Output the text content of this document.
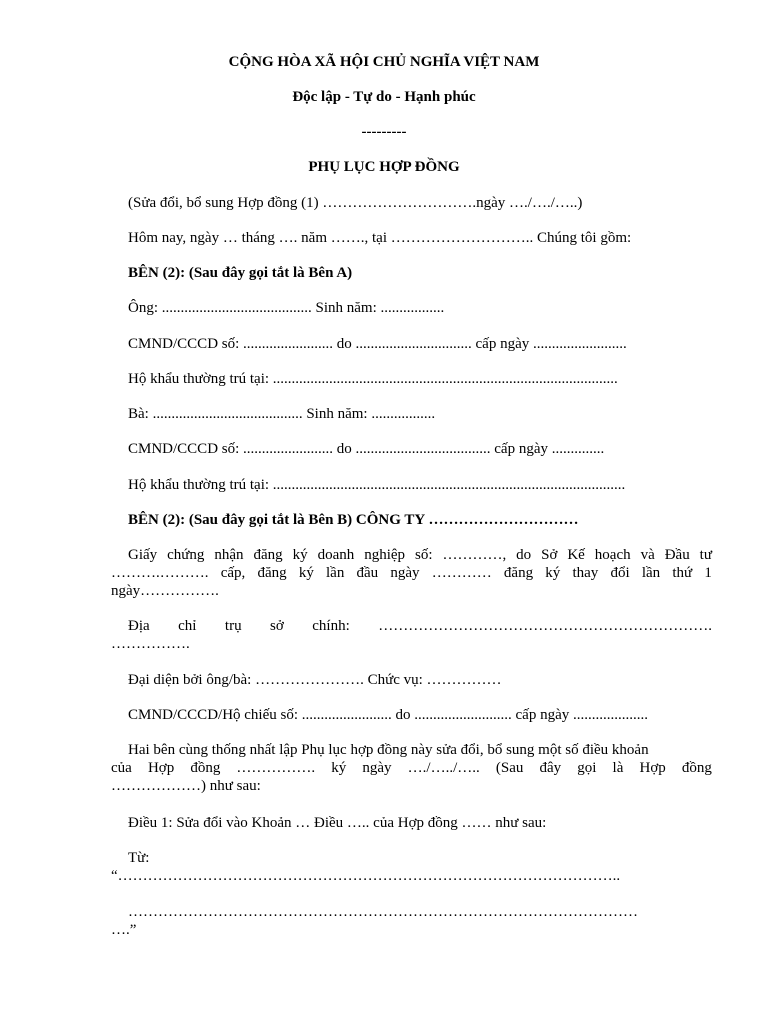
CỘNG HÒA XÃ HỘI CHỦ NGHĨA VIỆT NAM
Độc lập - Tự do - Hạnh phúc
---------
PHỤ LỤC HỢP ĐỒNG
(Sửa đổi, bổ sung Hợp đồng (1) ………………………….ngày …./…./…..)
Hôm nay, ngày … tháng …. năm ……., tại ……………………….. Chúng tôi gồm:
BÊN (2): (Sau đây gọi tắt là Bên A)
Ông: ........................................ Sinh năm: .................
CMND/CCCD số: ........................ do ............................... cấp ngày .........................
Hộ khẩu thường trú tại: ............................................................................................
Bà: ........................................ Sinh năm: .................
CMND/CCCD số: ........................ do .................................... cấp ngày ..............
Hộ khẩu thường trú tại: ..............................................................................................
BÊN (2): (Sau đây gọi tắt là Bên B) CÔNG TY …………………………
Giấy chứng nhận đăng ký doanh nghiệp số: …………, do Sở Kế hoạch và Đầu tư
……….………. cấp, đăng ký lần đầu ngày ………… đăng ký thay đổi lần thứ 1
ngày…………….
Địa chỉ trụ sở chính: ………………………………………………………….
…………….
Đại diện bởi ông/bà: …………………. Chức vụ: ……………
CMND/CCCD/Hộ chiếu số: ........................ do .......................... cấp ngày ....................
Hai bên cùng thống nhất lập Phụ lục hợp đồng này sửa đổi, bổ sung một số điều khoản
của Hợp đồng ……………. ký ngày …./…../….. (Sau đây gọi là Hợp đồng
………………) như sau:
Điều 1: Sửa đổi vào Khoản … Điều ….. của Hợp đồng …… như sau:
Từ:
“………………………………………………………………………………………..
…………………………………………………………………………………………
….”
